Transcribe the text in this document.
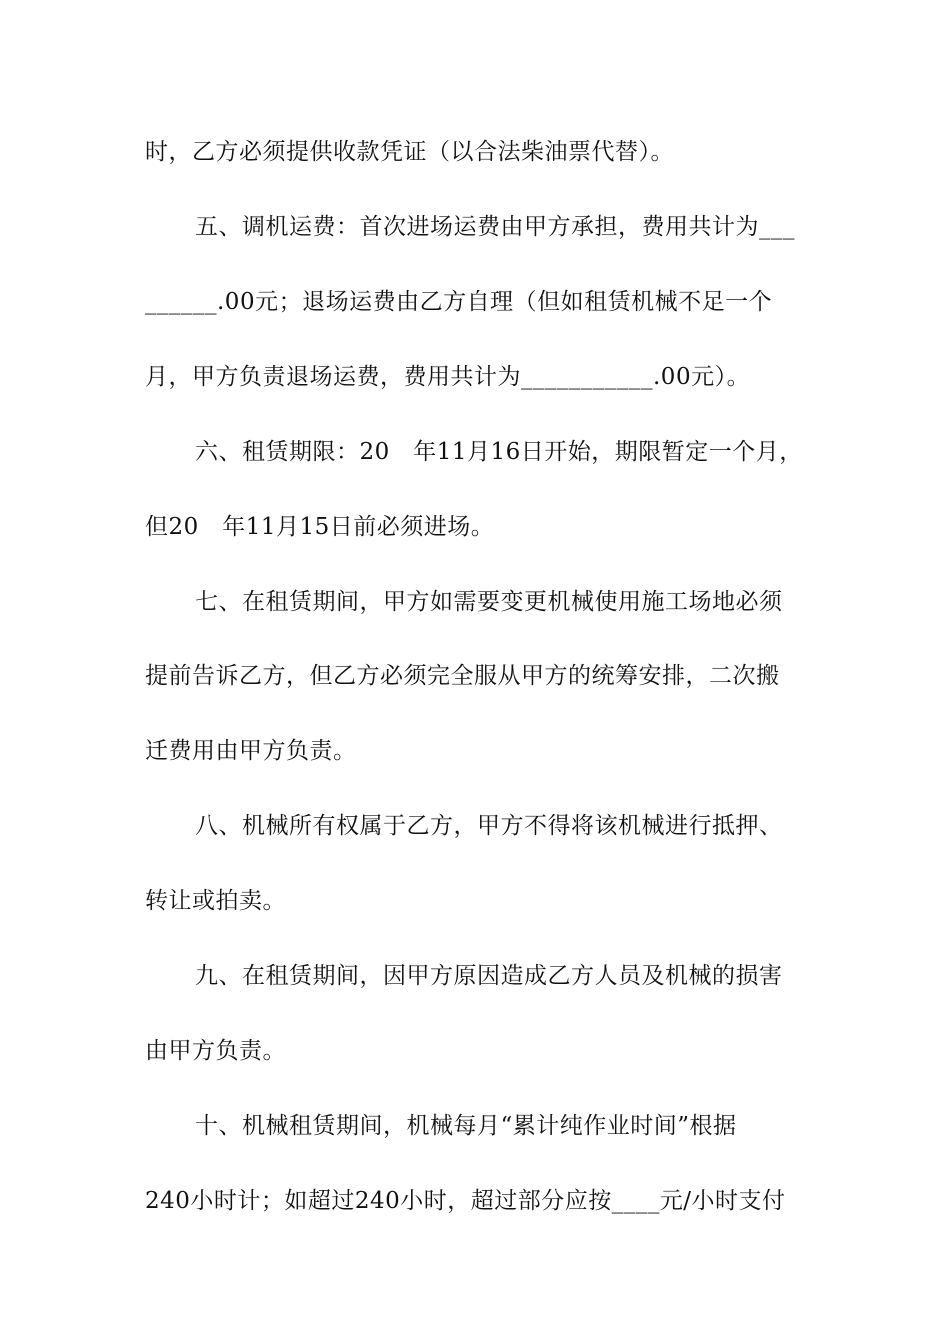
时，乙方必须提供收款凭证（以合法柴油票代替）。
五、调机运费：首次进场运费由甲方承担，费用共计为___
______.00元；退场运费由乙方自理（但如租赁机械不足一个
月，甲方负责退场运费，费用共计为___________.00元）。
六、租赁期限：20　年11月16日开始，期限暂定一个月，
但20　年11月15日前必须进场。
七、在租赁期间，甲方如需要变更机械使用施工场地必须
提前告诉乙方，但乙方必须完全服从甲方的统筹安排，二次搬
迁费用由甲方负责。
八、机械所有权属于乙方，甲方不得将该机械进行抵押、
转让或拍卖。
九、在租赁期间，因甲方原因造成乙方人员及机械的损害
由甲方负责。
十、机械租赁期间，机械每月“累计纯作业时间”根据
240小时计；如超过240小时，超过部分应按____元/小时支付
